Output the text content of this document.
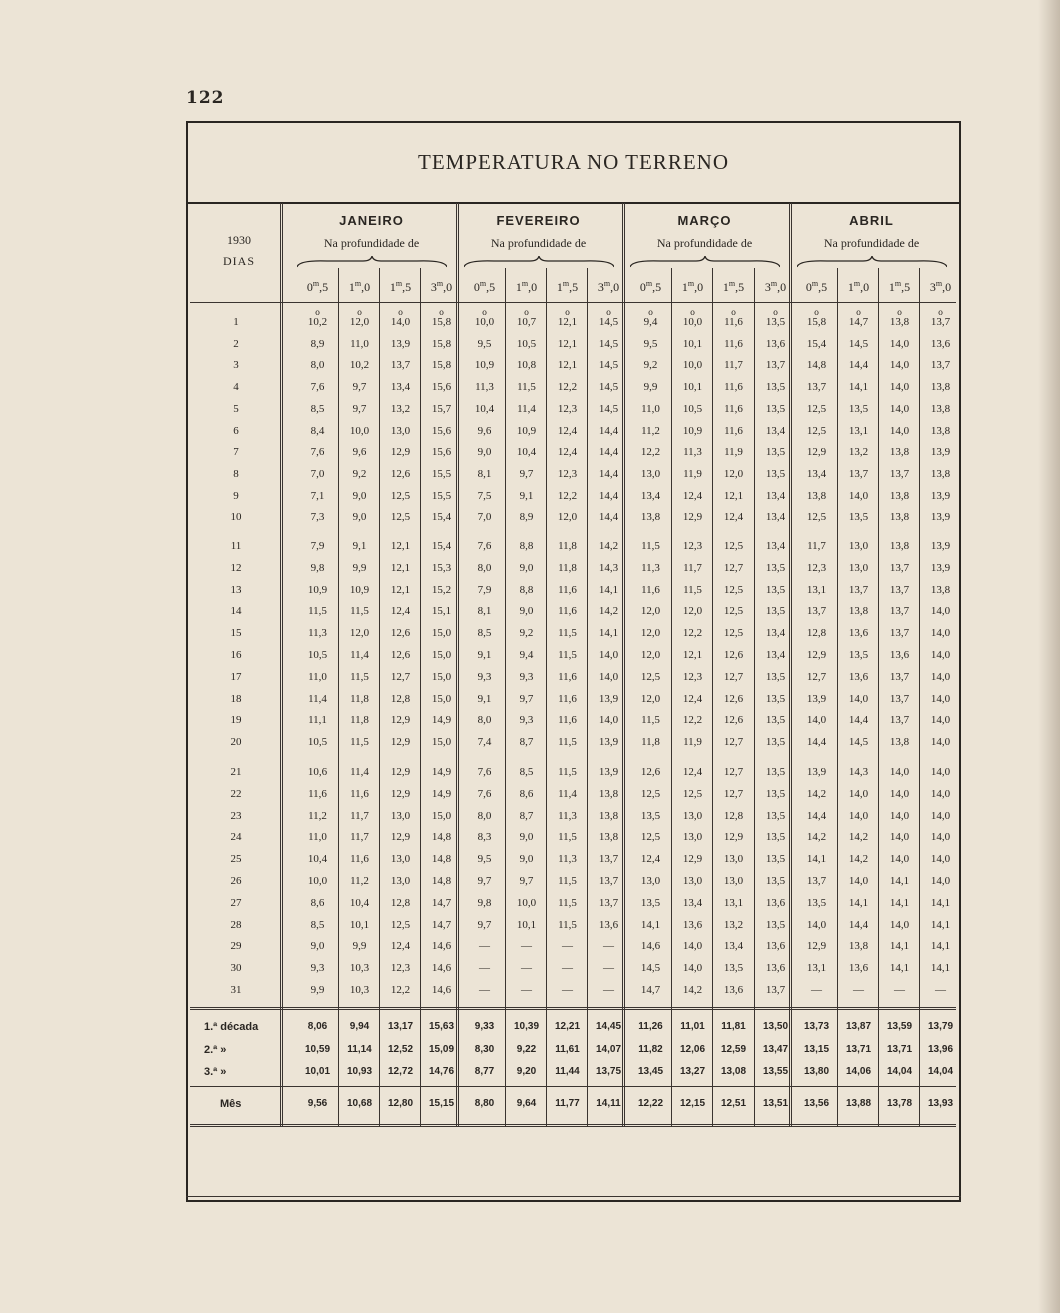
122
TEMPERATURA NO TERRENO
1930
DIAS
JANEIRO
Na profundidade de
0$^m$,5	1$^m$,0	1$^m$,5	3$^m$,0
FEVEREIRO
Na profundidade de
0$^m$,5	1$^m$,0	1$^m$,5	3$^m$,0
MARÇO
Na profundidade de
0$^m$,5	1$^m$,0	1$^m$,5	3$^m$,0
ABRIL
Na profundidade de
0$^m$,5	1$^m$,0	1$^m$,5	3$^m$,0
o	o	o	o	o	o	o	o	o	o	o	o	o	o	o	o
1	10,2	12,0	14,0	15,8	10,0	10,7	12,1	14,5	9,4	10,0	11,6	13,5	15,8	14,7	13,8	13,7
2	8,9	11,0	13,9	15,8	9,5	10,5	12,1	14,5	9,5	10,1	11,6	13,6	15,4	14,5	14,0	13,6
3	8,0	10,2	13,7	15,8	10,9	10,8	12,1	14,5	9,2	10,0	11,7	13,7	14,8	14,4	14,0	13,7
4	7,6	9,7	13,4	15,6	11,3	11,5	12,2	14,5	9,9	10,1	11,6	13,5	13,7	14,1	14,0	13,8
5	8,5	9,7	13,2	15,7	10,4	11,4	12,3	14,5	11,0	10,5	11,6	13,5	12,5	13,5	14,0	13,8
6	8,4	10,0	13,0	15,6	9,6	10,9	12,4	14,4	11,2	10,9	11,6	13,4	12,5	13,1	14,0	13,8
7	7,6	9,6	12,9	15,6	9,0	10,4	12,4	14,4	12,2	11,3	11,9	13,5	12,9	13,2	13,8	13,9
8	7,0	9,2	12,6	15,5	8,1	9,7	12,3	14,4	13,0	11,9	12,0	13,5	13,4	13,7	13,7	13,8
9	7,1	9,0	12,5	15,5	7,5	9,1	12,2	14,4	13,4	12,4	12,1	13,4	13,8	14,0	13,8	13,9
10	7,3	9,0	12,5	15,4	7,0	8,9	12,0	14,4	13,8	12,9	12,4	13,4	12,5	13,5	13,8	13,9
11	7,9	9,1	12,1	15,4	7,6	8,8	11,8	14,2	11,5	12,3	12,5	13,4	11,7	13,0	13,8	13,9
12	9,8	9,9	12,1	15,3	8,0	9,0	11,8	14,3	11,3	11,7	12,7	13,5	12,3	13,0	13,7	13,9
13	10,9	10,9	12,1	15,2	7,9	8,8	11,6	14,1	11,6	11,5	12,5	13,5	13,1	13,7	13,7	13,8
14	11,5	11,5	12,4	15,1	8,1	9,0	11,6	14,2	12,0	12,0	12,5	13,5	13,7	13,8	13,7	14,0
15	11,3	12,0	12,6	15,0	8,5	9,2	11,5	14,1	12,0	12,2	12,5	13,4	12,8	13,6	13,7	14,0
16	10,5	11,4	12,6	15,0	9,1	9,4	11,5	14,0	12,0	12,1	12,6	13,4	12,9	13,5	13,6	14,0
17	11,0	11,5	12,7	15,0	9,3	9,3	11,6	14,0	12,5	12,3	12,7	13,5	12,7	13,6	13,7	14,0
18	11,4	11,8	12,8	15,0	9,1	9,7	11,6	13,9	12,0	12,4	12,6	13,5	13,9	14,0	13,7	14,0
19	11,1	11,8	12,9	14,9	8,0	9,3	11,6	14,0	11,5	12,2	12,6	13,5	14,0	14,4	13,7	14,0
20	10,5	11,5	12,9	15,0	7,4	8,7	11,5	13,9	11,8	11,9	12,7	13,5	14,4	14,5	13,8	14,0
21	10,6	11,4	12,9	14,9	7,6	8,5	11,5	13,9	12,6	12,4	12,7	13,5	13,9	14,3	14,0	14,0
22	11,6	11,6	12,9	14,9	7,6	8,6	11,4	13,8	12,5	12,5	12,7	13,5	14,2	14,0	14,0	14,0
23	11,2	11,7	13,0	15,0	8,0	8,7	11,3	13,8	13,5	13,0	12,8	13,5	14,4	14,0	14,0	14,0
24	11,0	11,7	12,9	14,8	8,3	9,0	11,5	13,8	12,5	13,0	12,9	13,5	14,2	14,2	14,0	14,0
25	10,4	11,6	13,0	14,8	9,5	9,0	11,3	13,7	12,4	12,9	13,0	13,5	14,1	14,2	14,0	14,0
26	10,0	11,2	13,0	14,8	9,7	9,7	11,5	13,7	13,0	13,0	13,0	13,5	13,7	14,0	14,1	14,0
27	8,6	10,4	12,8	14,7	9,8	10,0	11,5	13,7	13,5	13,4	13,1	13,6	13,5	14,1	14,1	14,1
28	8,5	10,1	12,5	14,7	9,7	10,1	11,5	13,6	14,1	13,6	13,2	13,5	14,0	14,4	14,0	14,1
29	9,0	9,9	12,4	14,6	—	—	—	—	14,6	14,0	13,4	13,6	12,9	13,8	14,1	14,1
30	9,3	10,3	12,3	14,6	—	—	—	—	14,5	14,0	13,5	13,6	13,1	13,6	14,1	14,1
31	9,9	10,3	12,2	14,6	—	—	—	—	14,7	14,2	13,6	13,7	—	—	—	—
1.ª década	8,06	9,94	13,17	15,63	9,33	10,39	12,21	14,45	11,26	11,01	11,81	13,50	13,73	13,87	13,59	13,79
2.ª »	10,59	11,14	12,52	15,09	8,30	9,22	11,61	14,07	11,82	12,06	12,59	13,47	13,15	13,71	13,71	13,96
3.ª »	10,01	10,93	12,72	14,76	8,77	9,20	11,44	13,75	13,45	13,27	13,08	13,55	13,80	14,06	14,04	14,04
Mês	9,56	10,68	12,80	15,15	8,80	9,64	11,77	14,11	12,22	12,15	12,51	13,51	13,56	13,88	13,78	13,93
